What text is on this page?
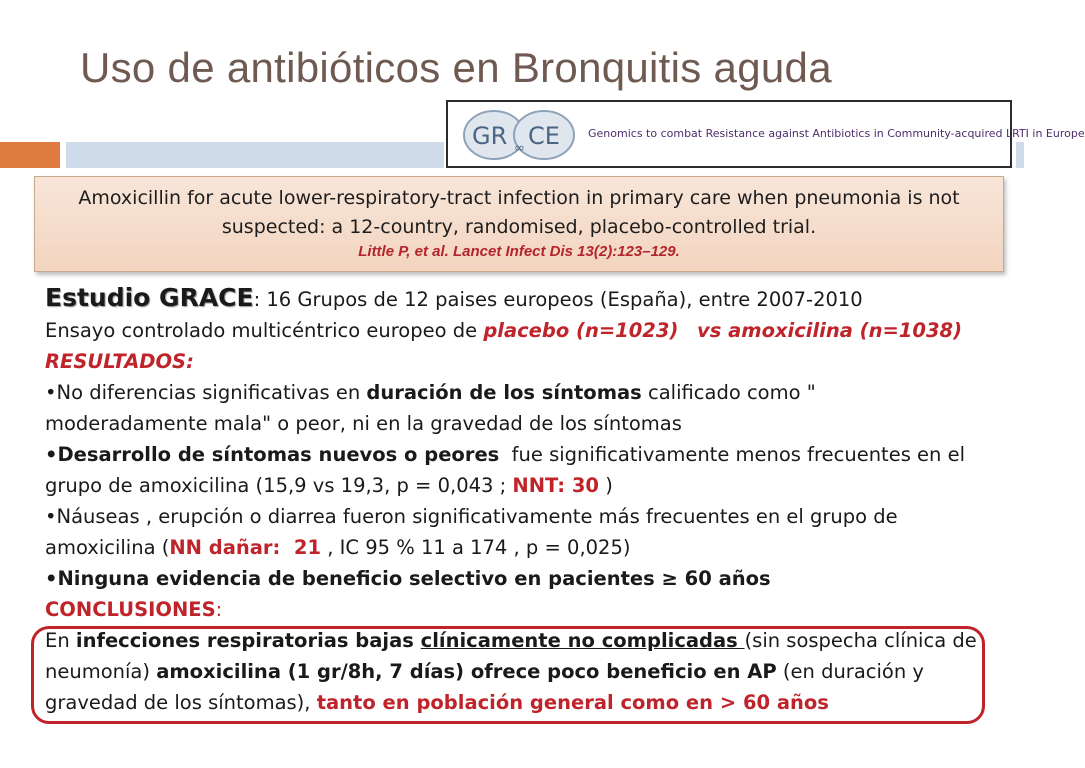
Uso de antibióticos en Bronquitis aguda
GR ∞ CE	Genomics to combat Resistance against Antibiotics in Community-acquired LRTI in Europe
Amoxicillin for acute lower-respiratory-tract infection in primary care when pneumonia is not
suspected: a 12-country, randomised, placebo-controlled trial.
Little P, et al. Lancet Infect Dis 13(2):123–129.
Estudio GRACE: 16 Grupos de 12 paises europeos (España), entre 2007-2010
Ensayo controlado multicéntrico europeo de placebo (n=1023) vs amoxicilina (n=1038)
RESULTADOS:
•No diferencias significativas en duración de los síntomas calificado como "
moderadamente mala" o peor, ni en la gravedad de los síntomas
•Desarrollo de síntomas nuevos o peores  fue significativamente menos frecuentes en el
grupo de amoxicilina (15,9 vs 19,3, p = 0,043 ; NNT: 30 )
•Náuseas , erupción o diarrea fueron significativamente más frecuentes en el grupo de
amoxicilina (NN dañar:  21 , IC 95 % 11 a 174 , p = 0,025)
•Ninguna evidencia de beneficio selectivo en pacientes ≥ 60 años
CONCLUSIONES:
En infecciones respiratorias bajas clínicamente no complicadas (sin sospecha clínica de
neumonía) amoxicilina (1 gr/8h, 7 días) ofrece poco beneficio en AP (en duración y
gravedad de los síntomas), tanto en población general como en > 60 años
